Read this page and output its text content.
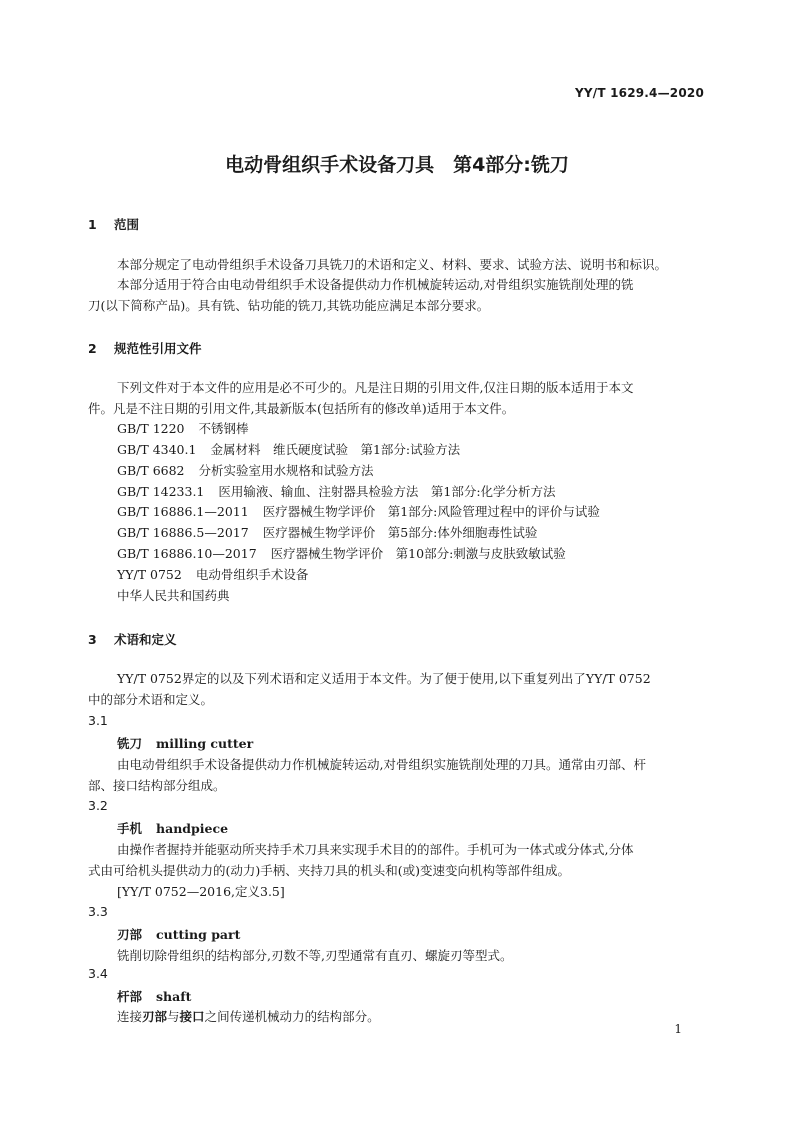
YY/T 1629.4—2020
电动骨组织手术设备刀具　第4部分:铣刀
1 范围
本部分规定了电动骨组织手术设备刀具铣刀的术语和定义、材料、要求、试验方法、说明书和标识。
本部分适用于符合由电动骨组织手术设备提供动力作机械旋转运动,对骨组织实施铣削处理的铣
刀(以下简称产品)。具有铣、钻功能的铣刀,其铣功能应满足本部分要求。
2 规范性引用文件
下列文件对于本文件的应用是必不可少的。凡是注日期的引用文件,仅注日期的版本适用于本文
件。凡是不注日期的引用文件,其最新版本(包括所有的修改单)适用于本文件。
GB/T 1220 不锈钢棒
GB/T 4340.1 金属材料　维氏硬度试验　第1部分:试验方法
GB/T 6682 分析实验室用水规格和试验方法
GB/T 14233.1 医用输液、输血、注射器具检验方法　第1部分:化学分析方法
GB/T 16886.1—2011 医疗器械生物学评价　第1部分:风险管理过程中的评价与试验
GB/T 16886.5—2017 医疗器械生物学评价　第5部分:体外细胞毒性试验
GB/T 16886.10—2017 医疗器械生物学评价　第10部分:刺激与皮肤致敏试验
YY/T 0752 电动骨组织手术设备
中华人民共和国药典
3 术语和定义
YY/T 0752界定的以及下列术语和定义适用于本文件。为了便于使用,以下重复列出了YY/T 0752
中的部分术语和定义。
3.1
铣刀 milling cutter
由电动骨组织手术设备提供动力作机械旋转运动,对骨组织实施铣削处理的刀具。通常由刃部、杆
部、接口结构部分组成。
3.2
手机 handpiece
由操作者握持并能驱动所夹持手术刀具来实现手术目的的部件。手机可为一体式或分体式,分体
式由可给机头提供动力的(动力)手柄、夹持刀具的机头和(或)变速变向机构等部件组成。
[YY/T 0752—2016,定义3.5]
3.3
刃部 cutting part
铣削切除骨组织的结构部分,刃数不等,刃型通常有直刃、螺旋刃等型式。
3.4
杆部 shaft
连接刃部与接口之间传递机械动力的结构部分。
1
